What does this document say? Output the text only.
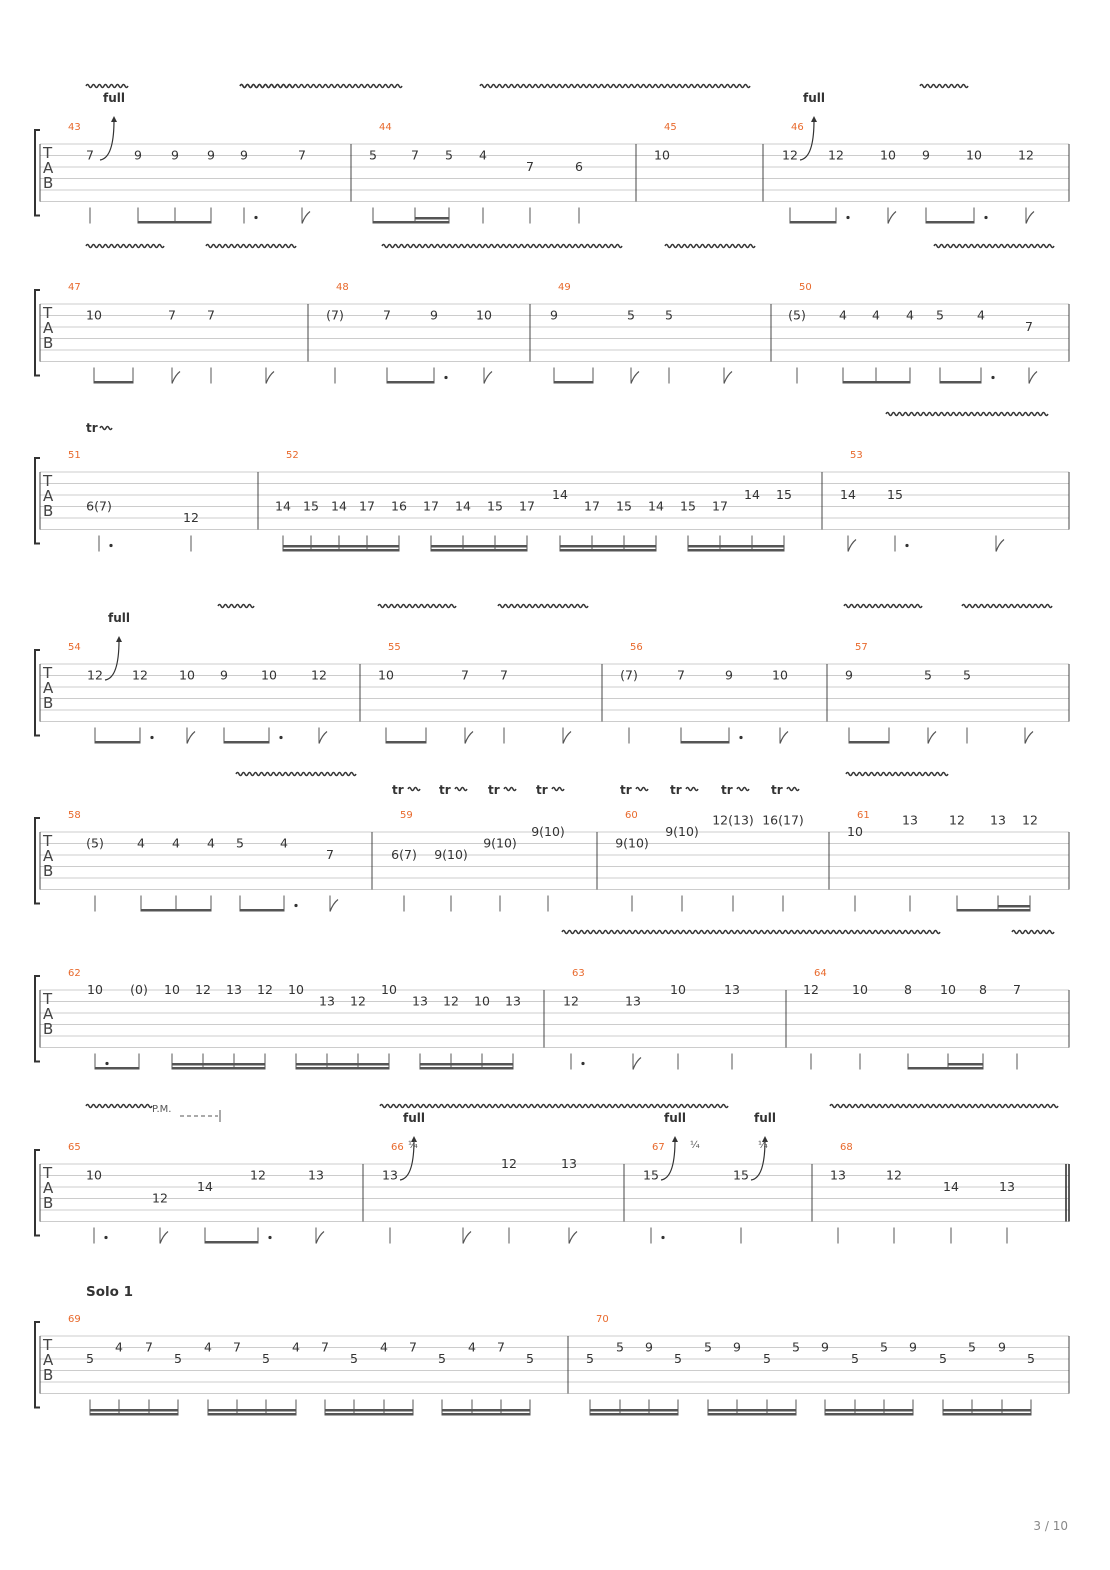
T
A
B
43
7
full
9 9 9 9	7
44
5	7 5 4
7	6
45
10
46
12
full
12	10 9	10	12
T
A
B
47
10	7 7
48
(7)	7	9	10
49
9	5 5
50
(5)	4 4 4 5	4
7
T
A
B
51
6(7)
12
52
14 15 14 17 16 17 14 15 17
14
17 15 14 15 17
14 15
53
14 15
T
A
B
54
12
full
12 10 9	10	12
55
10	7 7
56
(7)	7	9	10
57
9	5 5
T
A
B
58
(5)	4 4 4 5	4
7
59
6(7)
tr
9(10)
tr
9(10)
tr
9(10)
tr
60
9(10)
tr
9(10)
tr
12(13)
tr
16(17)
tr
61
10
13 12 13 12
T
A
B
62
10 (0) 10 12 13 12 10
13 12
10
13 12 10 13
63
12	13
10	13
64
12	10	8 10 8 7
T
A
B
65
10
12
14
12	13
66
13
full
12	13
67
15
full
15
full
68
13	12
14	13
T
A
B
69
5
4 7
5
4 7
5
4 7
5
4 7
5
4 7
5
70
5
5 9
5
5 9
5
5 9
5
5 9
5
5 9
5
P.M.
tr
¼	¼	¼
Solo 1
3 / 10
